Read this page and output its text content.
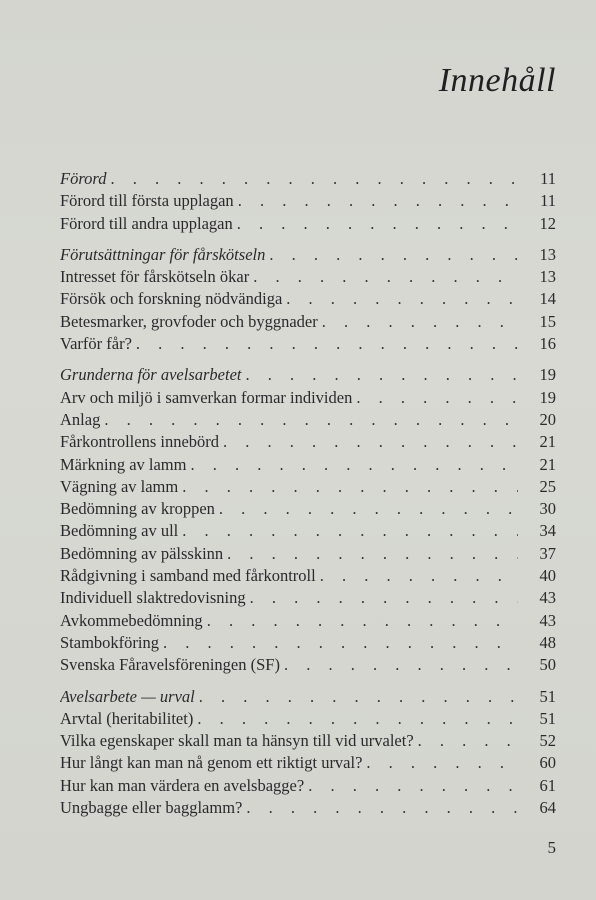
Innehåll
Förord . . .	11
Förord till första upplagan . . .	11
Förord till andra upplagan . . .	12
Förutsättningar för fårskötseln . . .	13
Intresset för fårskötseln ökar . . .	13
Försök och forskning nödvändiga . . .	14
Betesmarker, grovfoder och byggnader . . .	15
Varför får? . . .	16
Grunderna för avelsarbetet . . .	19
Arv och miljö i samverkan formar individen . . .	19
Anlag . . .	20
Fårkontrollens innebörd . . .	21
Märkning av lamm . . .	21
Vägning av lamm . . .	25
Bedömning av kroppen . . .	30
Bedömning av ull . . .	34
Bedömning av pälsskinn . . .	37
Rådgivning i samband med fårkontroll . . .	40
Individuell slaktredovisning . . .	43
Avkommebedömning . . .	43
Stambokföring . . .	48
Svenska Fåravelsföreningen (SF) . . .	50
Avelsarbete — urval . . .	51
Arvtal (heritabilitet) . . .	51
Vilka egenskaper skall man ta hänsyn till vid urvalet? . . .	52
Hur långt kan man nå genom ett riktigt urval? . . .	60
Hur kan man värdera en avelsbagge? . . .	61
Ungbagge eller bagglamm? . . .	64
5
